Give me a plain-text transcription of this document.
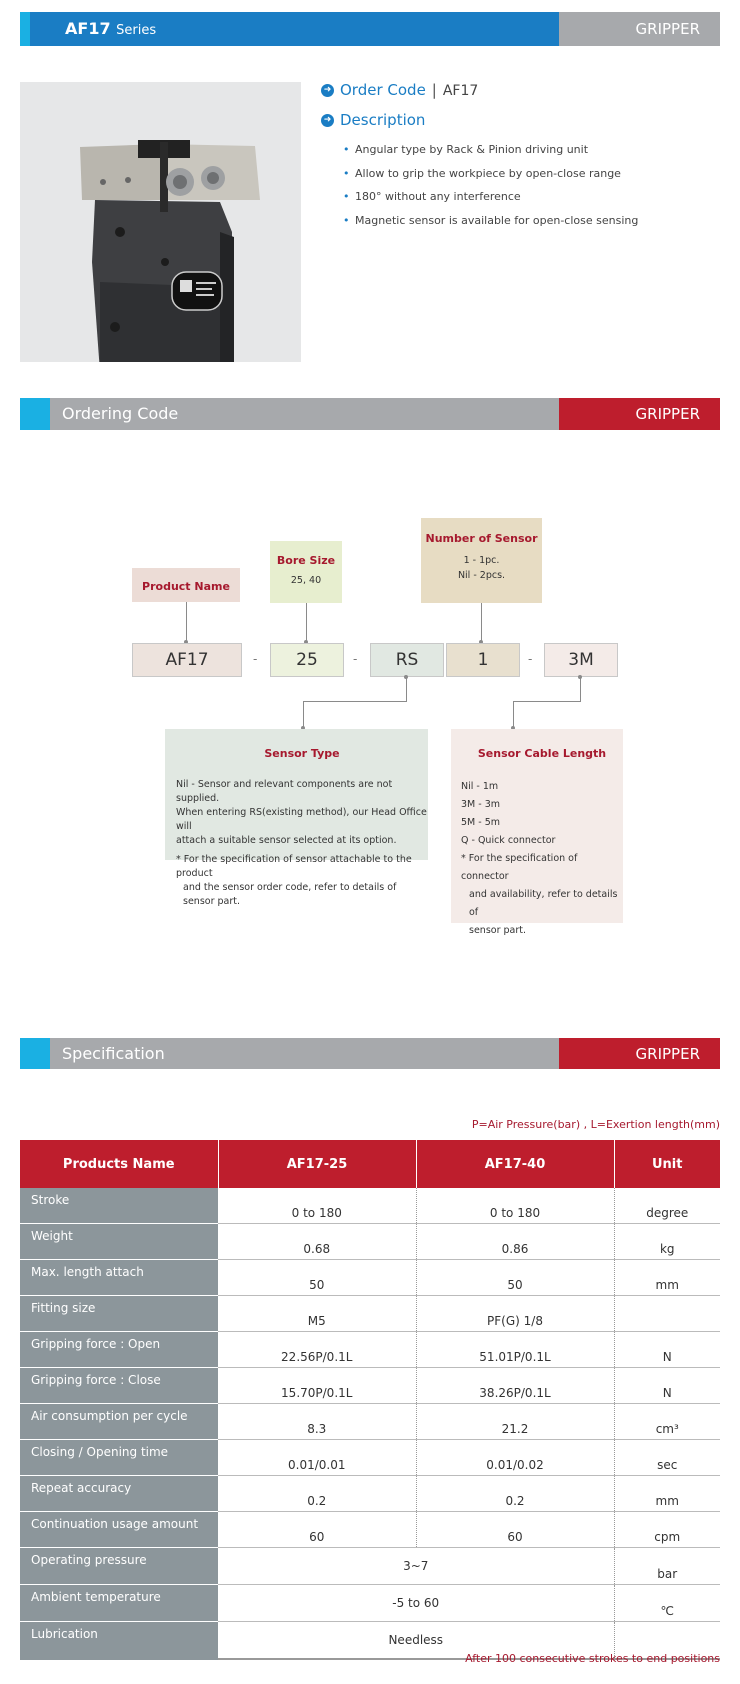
AF17 Series	GRIPPER
➜ Order Code | AF17
➜ Description
• Angular type by Rack & Pinion driving unit
• Allow to grip the workpiece by open-close range
• 180° without any interference
• Magnetic sensor is available for open-close sensing
Ordering Code	GRIPPER
Product Name
Bore Size
25, 40
Number of Sensor
1 - 1pc.
Nil - 2pcs.
AF17	-	25	-	RS	1	-	3M
Sensor Type

Nil - Sensor and relevant components are not supplied.

When entering RS(existing method), our Head Office will

attach a suitable sensor selected at its option.

* For the specification of sensor attachable to the product

and the sensor order code, refer to details of sensor part.

Sensor Cable Length

Nil - 1m

3M - 3m

5M - 5m

Q - Quick connector

* For the specification of connector

and availability, refer to details of

sensor part.

Specification	GRIPPER
P=Air Pressure(bar) , L=Exertion length(mm)
Products Name	AF17-25	AF17-40	Unit
Stroke	0 to 180	0 to 180	degree
Weight	0.68	0.86	kg
Max. length attach	50	50	mm
Fitting size	M5	PF(G) 1/8	
Gripping force : Open	22.56P/0.1L	51.01P/0.1L	N
Gripping force : Close	15.70P/0.1L	38.26P/0.1L	N
Air consumption per cycle	8.3	21.2	cm³
Closing / Opening time	0.01/0.01	0.01/0.02	sec
Repeat accuracy	0.2	0.2	mm
Continuation usage amount	60	60	cpm
Operating pressure	3~7		bar
Ambient temperature	-5 to 60		℃
Lubrication	Needless		
After 100 consecutive strokes to end positions
